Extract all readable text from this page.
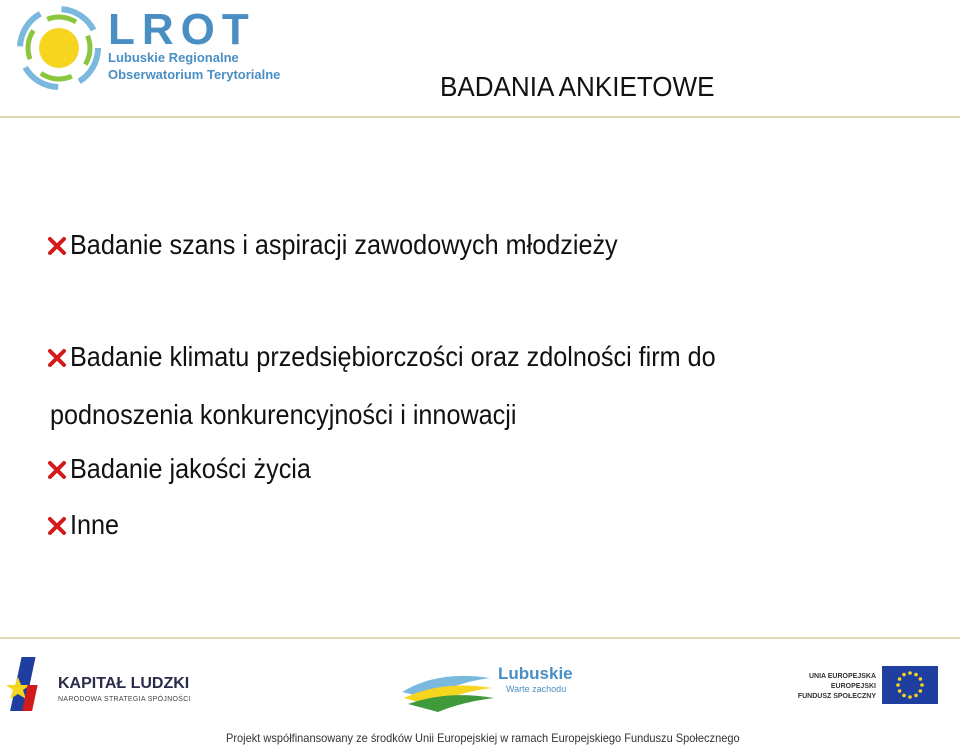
LROT
Lubuskie Regionalne
Obserwatorium Terytorialne	BADANIA ANKIETOWE
Badanie szans i aspiracji zawodowych młodzieży
Badanie klimatu przedsiębiorczości oraz zdolności firm do
podnoszenia konkurencyjności i innowacji
Badanie jakości życia
Inne
KAPITAŁ LUDZKI
NARODOWA STRATEGIA SPÓJNOŚCI
Lubuskie
Warte zachodu
UNIA EUROPEJSKA
EUROPEJSKI
FUNDUSZ SPOŁECZNY
Projekt współfinansowany ze środków Unii Europejskiej w ramach Europejskiego Funduszu Społecznego
